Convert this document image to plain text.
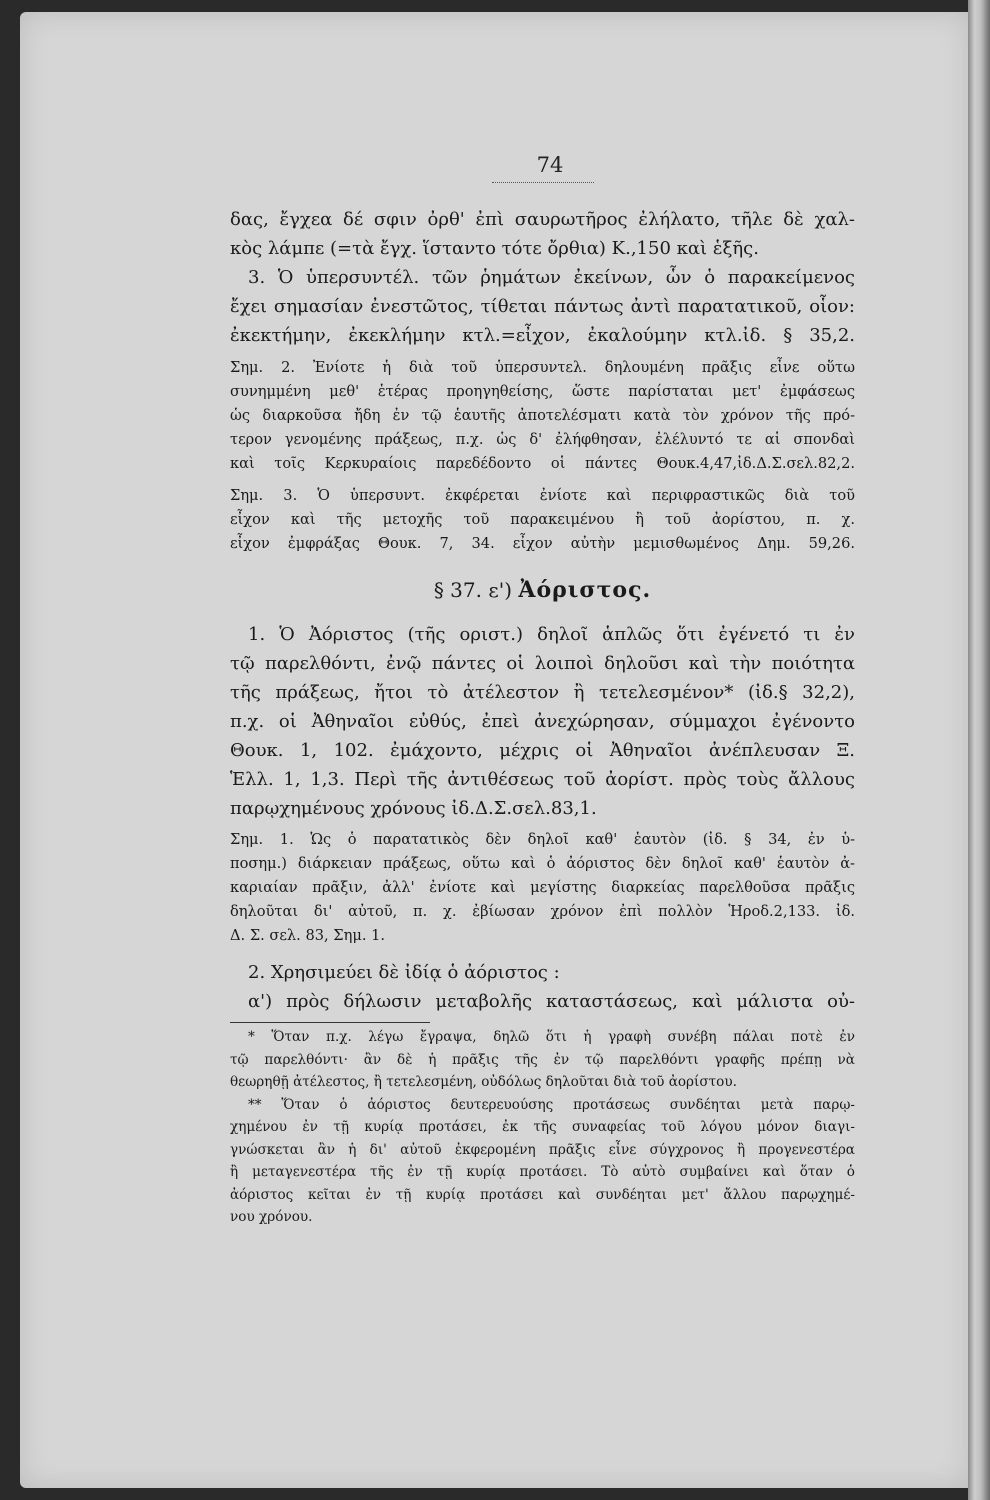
74
δας, ἔγχεα δέ σφιν ὀρθ' ἐπὶ σαυρωτῆρος ἐλήλατο, τῆλε δὲ χαλ-
κὸς λάμπε (=τὰ ἔγχ. ἵσταντο τότε ὄρθια) Κ.,150 καὶ ἑξῆς.
3. Ὁ ὑπερσυντέλ. τῶν ῥημάτων ἐκείνων, ὧν ὁ παρακείμενος
ἔχει σημασίαν ἐνεστῶτος, τίθεται πάντως ἀντὶ παρατατικοῦ, οἷον:
ἐκεκτήμην, ἐκεκλήμην κτλ.=εἶχον, ἐκαλούμην κτλ.ἰδ. § 35,2.
Σημ. 2. Ἐνίοτε ἡ διὰ τοῦ ὑπερσυντελ. δηλουμένη πρᾶξις εἶνε οὕτω
συνημμένη μεθ' ἑτέρας προηγηθείσης, ὥστε παρίσταται μετ' ἐμφάσεως
ὡς διαρκοῦσα ἤδη ἐν τῷ ἑαυτῆς ἀποτελέσματι κατὰ τὸν χρόνον τῆς πρό-
τερον γενομένης πράξεως, π.χ. ὡς δ' ἐλήφθησαν, ἐλέλυντό τε αἱ σπονδαὶ
καὶ τοῖς Κερκυραίοις παρεδέδοντο οἱ πάντες Θουκ.4,47,ἰδ.Δ.Σ.σελ.82,2.
Σημ. 3. Ὁ ὑπερσυντ. ἐκφέρεται ἐνίοτε καὶ περιφραστικῶς διὰ τοῦ
εἶχον καὶ τῆς μετοχῆς τοῦ παρακειμένου ἢ τοῦ ἀορίστου, π. χ.
εἶχον ἐμφράξας Θουκ. 7, 34. εἶχον αὐτὴν μεμισθωμένος Δημ. 59,26.
§ 37. ε') Ἀόριστος.
1. Ὁ Ἀόριστος (τῆς οριστ.) δηλοῖ ἁπλῶς ὅτι ἐγένετό τι ἐν
τῷ παρελθόντι, ἐνῷ πάντες οἱ λοιποὶ δηλοῦσι καὶ τὴν ποιότητα
τῆς πράξεως, ἤτοι τὸ ἀτέλεστον ἢ τετελεσμένον* (ἰδ.§ 32,2),
π.χ. οἱ Ἀθηναῖοι εὐθύς, ἐπεὶ ἀνεχώρησαν, σύμμαχοι ἐγένοντο
Θουκ. 1, 102. ἐμάχοντο, μέχρις οἱ Ἀθηναῖοι ἀνέπλευσαν Ξ.
Ἑλλ. 1, 1,3. Περὶ τῆς ἀντιθέσεως τοῦ ἀορίστ. πρὸς τοὺς ἄλλους
παρῳχημένους χρόνους ἰδ.Δ.Σ.σελ.83,1.
Σημ. 1. Ὡς ὁ παρατατικὸς δὲν δηλοῖ καθ' ἑαυτὸν (ἰδ. § 34, ἐν ὑ-
ποσημ.) διάρκειαν πράξεως, οὕτω καὶ ὁ ἀόριστος δὲν δηλοῖ καθ' ἑαυτὸν ἀ-
καριαίαν πρᾶξιν, ἀλλ' ἐνίοτε καὶ μεγίστης διαρκείας παρελθοῦσα πρᾶξις
δηλοῦται δι' αὐτοῦ, π. χ. ἐβίωσαν χρόνον ἐπὶ πολλὸν Ἡροδ.2,133. ἰδ.
Δ. Σ. σελ. 83, Σημ. 1.
2. Χρησιμεύει δὲ ἰδίᾳ ὁ ἀόριστος :
α') πρὸς δήλωσιν μεταβολῆς καταστάσεως, καὶ μάλιστα οὐ-
* Ὅταν π.χ. λέγω ἔγραψα, δηλῶ ὅτι ἡ γραφὴ συνέβη πάλαι ποτὲ ἐν
τῷ παρελθόντι· ἂν δὲ ἡ πρᾶξις τῆς ἐν τῷ παρελθόντι γραφῆς πρέπῃ νὰ
θεωρηθῇ ἀτέλεστος, ἢ τετελεσμένη, οὐδόλως δηλοῦται διὰ τοῦ ἀορίστου.
** Ὅταν ὁ ἀόριστος δευτερευούσης προτάσεως συνδέηται μετὰ παρῳ-
χημένου ἐν τῇ κυρίᾳ προτάσει, ἐκ τῆς συναφείας τοῦ λόγου μόνον διαγι-
γνώσκεται ἂν ἡ δι' αὐτοῦ ἐκφερομένη πρᾶξις εἶνε σύγχρονος ἢ προγενεστέρα
ἢ μεταγενεστέρα τῆς ἐν τῇ κυρίᾳ προτάσει. Τὸ αὐτὸ συμβαίνει καὶ ὅταν ὁ
ἀόριστος κεῖται ἐν τῇ κυρίᾳ προτάσει καὶ συνδέηται μετ' ἄλλου παρῳχημέ-
νου χρόνου.
